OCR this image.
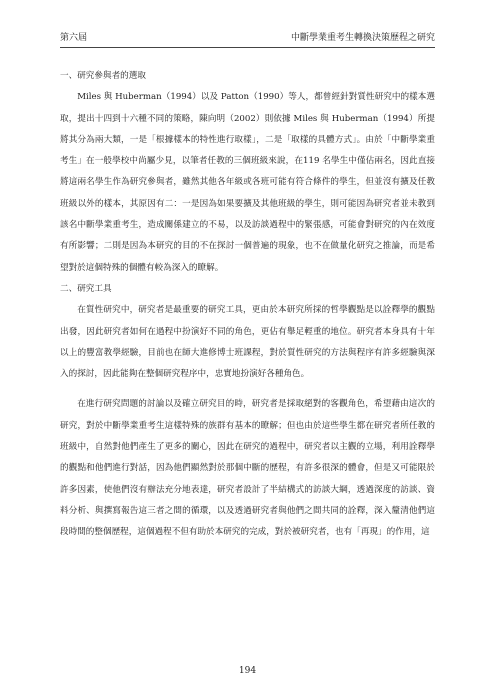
第六屆	中斷學業重考生轉換決策歷程之研究

一、研究參與者的選取

Miles 與 Huberman（1994）以及 Patton（1990）等人，都曾經針對質性研究中的樣本選取，提出十四到十六種不同的策略，陳向明（2002）則依據 Miles 與 Huberman（1994）所提將其分為兩大類，一是「根據樣本的特性進行取樣」，二是「取樣的具體方式」。由於「中斷學業重考生」在一般學校中尚屬少見，以筆者任教的三個班級來說，在119 名學生中僅佔兩名，因此直接將這兩名學生作為研究參與者，雖然其他各年級或各班可能有符合條件的學生，但並沒有擴及任教班級以外的樣本，其原因有二：一是因為如果要擴及其他班級的學生，則可能因為研究者並未教到該名中斷學業重考生，造成關係建立的不易，以及訪談過程中的緊張感，可能會對研究的內在效度有所影響；二則是因為本研究的目的不在探討一個普遍的現象，也不在做量化研究之推論，而是希望對於這個特殊的個體有較為深入的瞭解。

二、研究工具

在質性研究中，研究者是最重要的研究工具，更由於本研究所採的哲學觀點是以詮釋學的觀點出發，因此研究者如何在過程中扮演好不同的角色，更佔有舉足輕重的地位。研究者本身具有十年以上的豐富教學經驗，目前也在師大進修博士班課程，對於質性研究的方法與程序有許多經驗與深入的探討，因此能夠在整個研究程序中，忠實地扮演好各種角色。

在進行研究問題的討論以及確立研究目的時，研究者是採取絕對的客觀角色，希望藉由這次的研究，對於中斷學業重考生這樣特殊的族群有基本的瞭解；但也由於這些學生都在研究者所任教的班級中，自然對他們產生了更多的關心，因此在研究的過程中，研究者以主觀的立場，利用詮釋學的觀點和他們進行對話，因為他們顯然對於那個中斷的歷程，有許多很深的體會，但是又可能限於許多因素，使他們沒有辦法充分地表達，研究者設計了半結構式的訪談大綱，透過深度的訪談、資料分析、與撰寫報告這三者之間的循環，以及透過研究者與他們之間共同的詮釋，深入釐清他們這段時間的整個歷程，這個過程不但有助於本研究的完成，對於被研究者，也有「再現」的作用，這

194
